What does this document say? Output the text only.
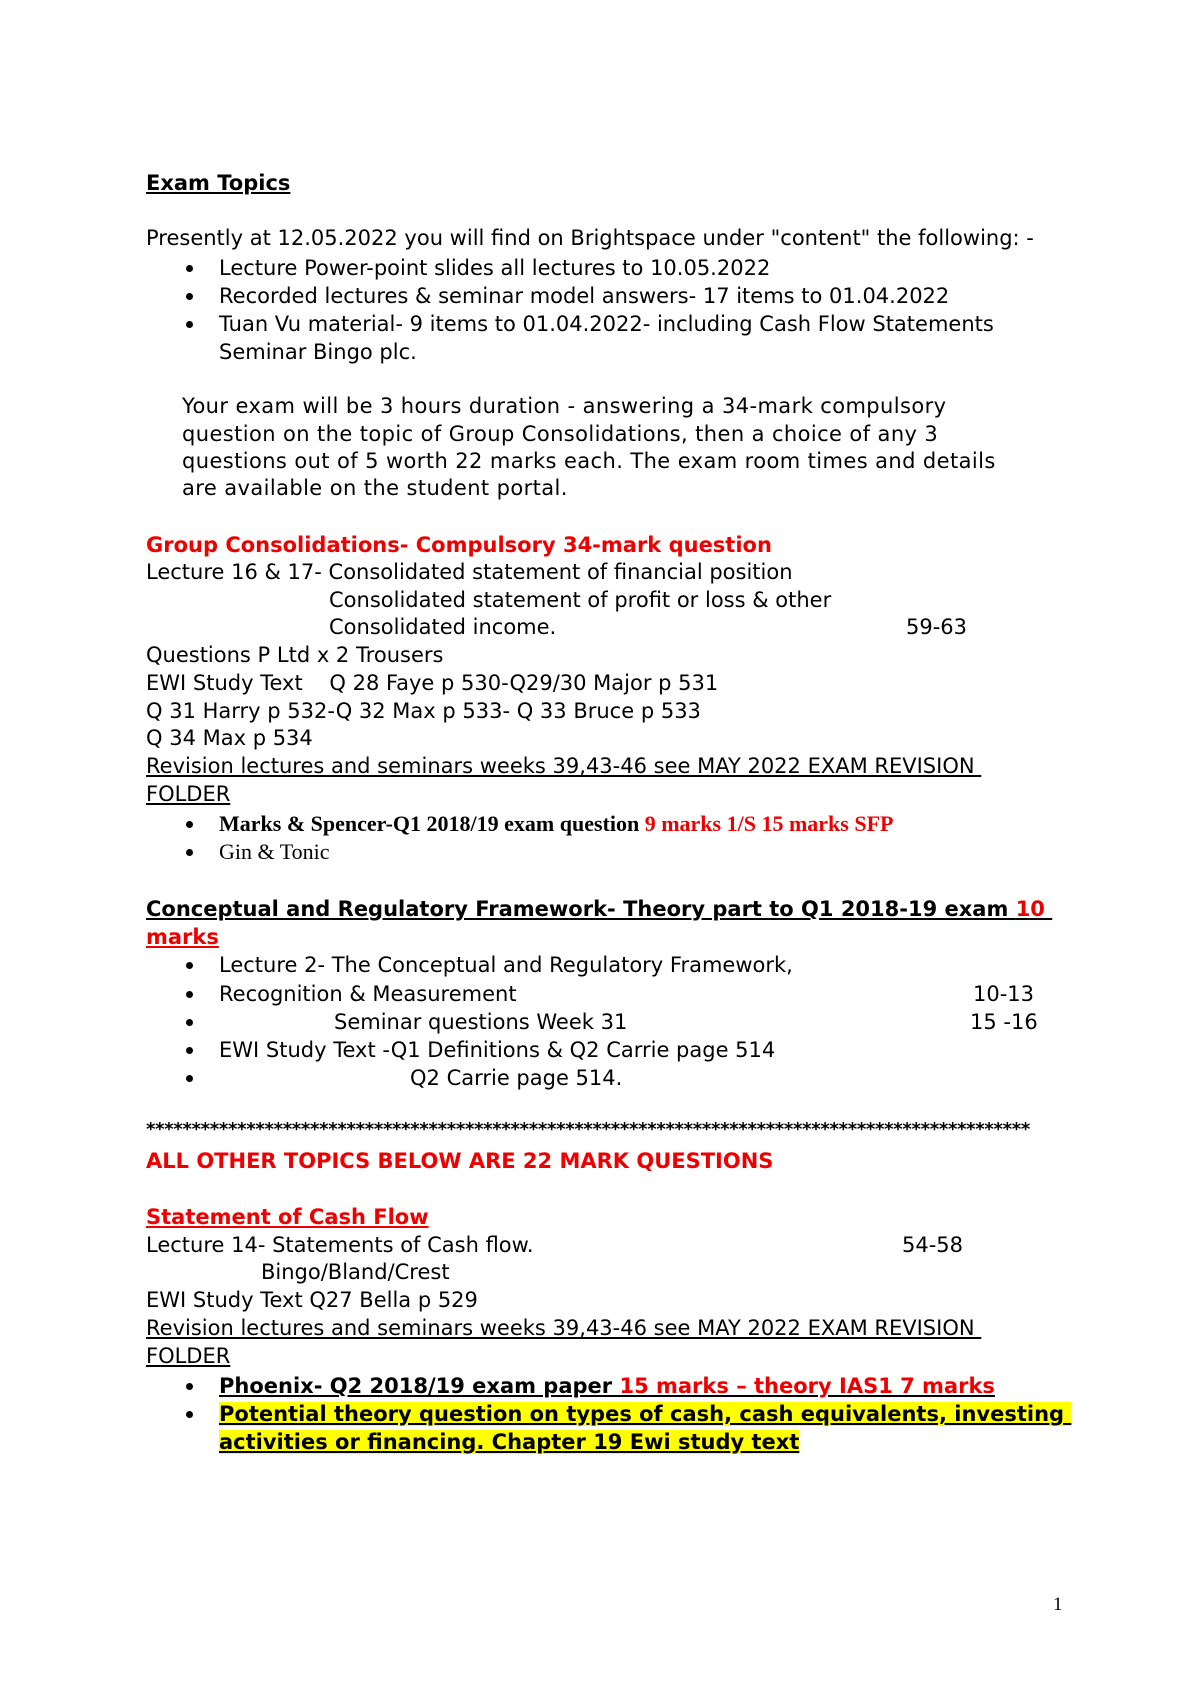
Exam Topics
Presently at 12.05.2022 you will find on Brightspace under "content" the following: -
Lecture Power-point slides all lectures to 10.05.2022
Recorded lectures & seminar model answers- 17 items to 01.04.2022
Tuan Vu material- 9 items to 01.04.2022- including Cash Flow Statements
Seminar Bingo plc.
Your exam will be 3 hours duration - answering a 34-mark compulsory
question on the topic of Group Consolidations, then a choice of any 3
questions out of 5 worth 22 marks each. The exam room times and details
are available on the student portal.
Group Consolidations- Compulsory 34-mark question
Lecture 16 & 17- Consolidated statement of financial position
Consolidated statement of profit or loss & other
Consolidated income.	59-63
Questions P Ltd x 2 Trousers
EWI Study Text    Q 28 Faye p 530-Q29/30 Major p 531
Q 31 Harry p 532-Q 32 Max p 533- Q 33 Bruce p 533
Q 34 Max p 534
Revision lectures and seminars weeks 39,43-46 see MAY 2022 EXAM REVISION
FOLDER
Marks & Spencer-Q1 2018/19 exam question 9 marks 1/S 15 marks SFP
Gin & Tonic
Conceptual and Regulatory Framework- Theory part to Q1 2018-19 exam 10
marks
Lecture 2- The Conceptual and Regulatory Framework,
Recognition & Measurement	10-13
Seminar questions Week 31	15 -16
EWI Study Text -Q1 Definitions & Q2 Carrie page 514
Q2 Carrie page 514.
*************************************************************************************************
ALL OTHER TOPICS BELOW ARE 22 MARK QUESTIONS
Statement of Cash Flow
Lecture 14- Statements of Cash flow.	54-58
Bingo/Bland/Crest
EWI Study Text Q27 Bella p 529
Revision lectures and seminars weeks 39,43-46 see MAY 2022 EXAM REVISION
FOLDER
Phoenix- Q2 2018/19 exam paper 15 marks – theory IAS1 7 marks
Potential theory question on types of cash, cash equivalents, investing
activities or financing. Chapter 19 Ewi study text
1
